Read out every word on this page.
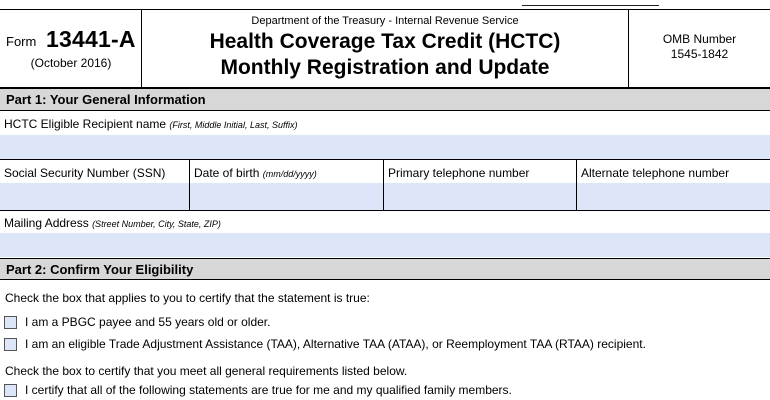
Form 13441-A
(October 2016)
Department of the Treasury - Internal Revenue Service
Health Coverage Tax Credit (HCTC)
Monthly Registration and Update
OMB Number
1545-1842
Part 1: Your General Information
HCTC Eligible Recipient name (First, Middle Initial, Last, Suffix)
Social Security Number (SSN) Date of birth (mm/dd/yyyy)	Primary telephone number	Alternate telephone number
Mailing Address (Street Number, City, State, ZIP)
Part 2: Confirm Your Eligibility
Check the box that applies to you to certify that the statement is true:
I am a PBGC payee and 55 years old or older.
I am an eligible Trade Adjustment Assistance (TAA), Alternative TAA (ATAA), or Reemployment TAA (RTAA) recipient.
Check the box to certify that you meet all general requirements listed below.
I certify that all of the following statements are true for me and my qualified family members.
